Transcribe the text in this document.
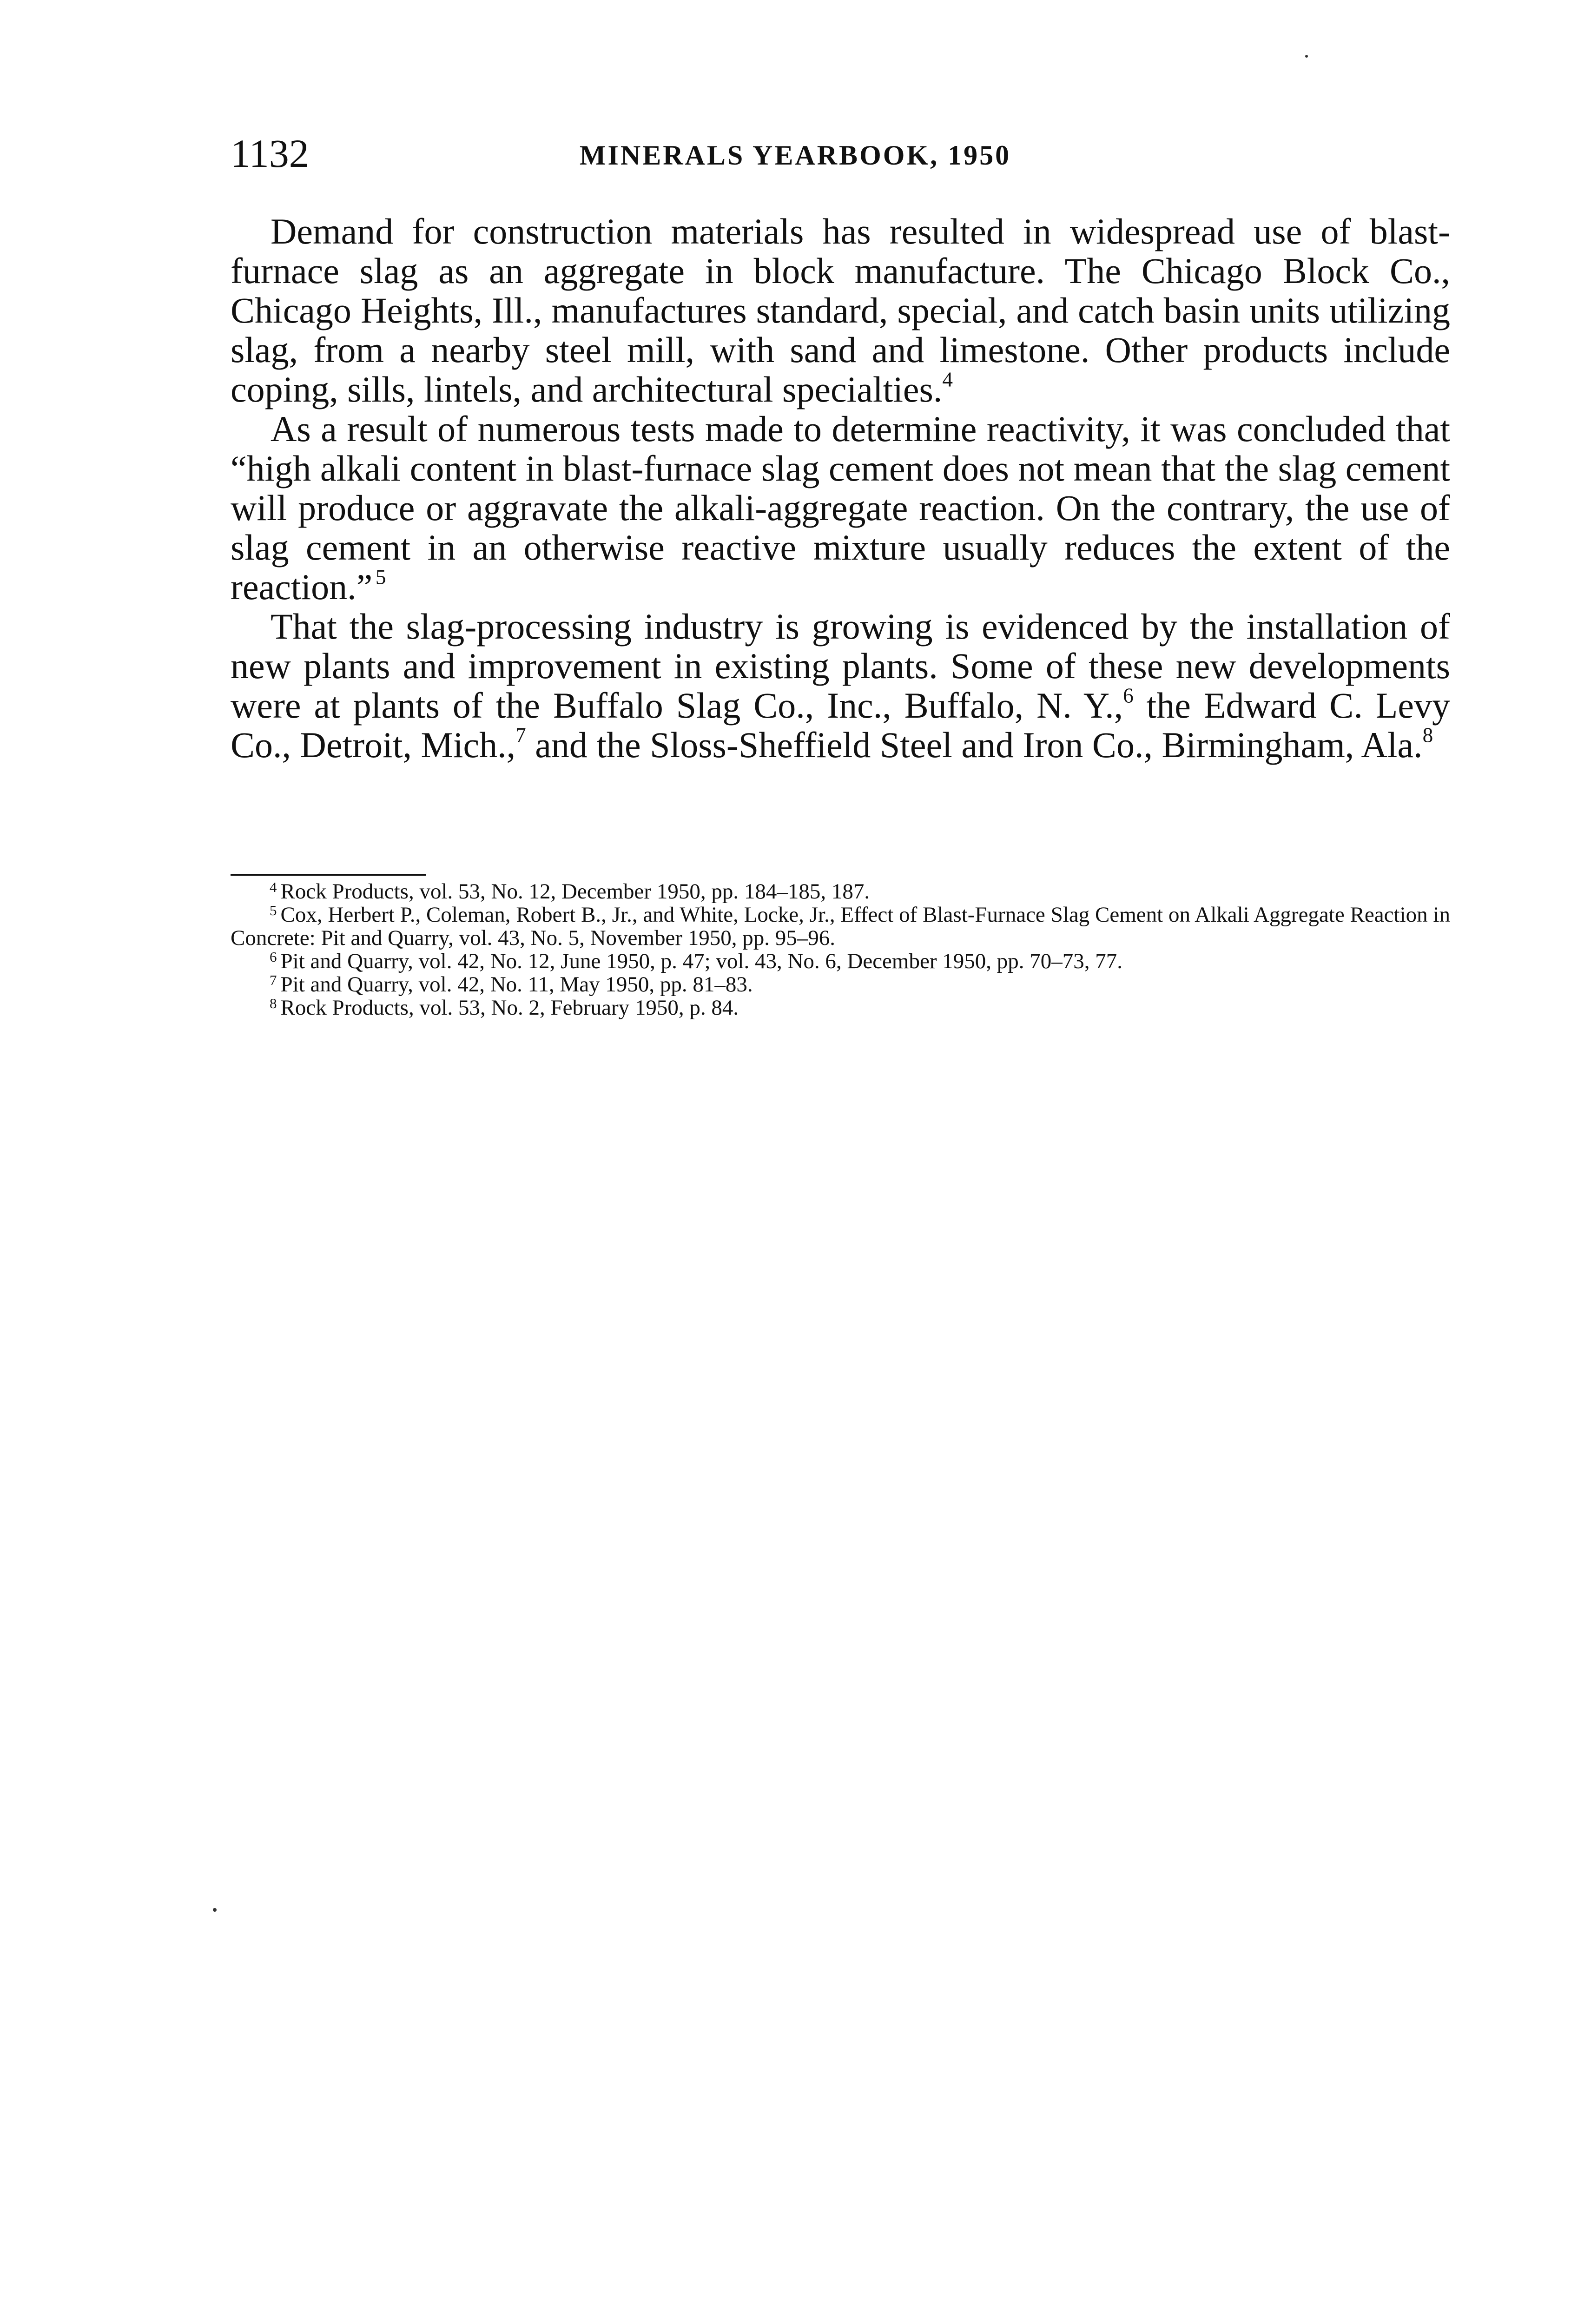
1132	MINERALS YEARBOOK, 1950

Demand for construction materials has resulted in widespread use of blast-furnace slag as an aggregate in block manufacture. The Chicago Block Co., Chicago Heights, Ill., manufactures standard, special, and catch basin units utilizing slag, from a nearby steel mill, with sand and limestone. Other products include coping, sills, lintels, and architectural specialties.$^4$

As a result of numerous tests made to determine reactivity, it was concluded that “high alkali content in blast-furnace slag cement does not mean that the slag cement will produce or aggravate the alkali-aggregate reaction. On the contrary, the use of slag cement in an otherwise reactive mixture usually reduces the extent of the reaction.”  $^5$

That the slag-processing industry is growing is evidenced by the installation of new plants and improvement in existing plants. Some of these new developments were at plants of the Buffalo Slag Co., Inc., Buffalo, N. Y.,$^6$ the Edward C. Levy Co., Detroit, Mich.,$^7$ and the Sloss-Sheffield Steel and Iron Co., Birmingham, Ala.$^8$

$^4$ Rock Products, vol. 53, No. 12, December 1950, pp. 184–185, 187.

$^5$ Cox, Herbert P., Coleman, Robert B., Jr., and White, Locke, Jr., Effect of Blast-Furnace Slag Cement on Alkali Aggregate Reaction in Concrete: Pit and Quarry, vol. 43, No. 5, November 1950, pp. 95–96.

$^6$ Pit and Quarry, vol. 42, No. 12, June 1950, p. 47; vol. 43, No. 6, December 1950, pp. 70–73, 77.

$^7$ Pit and Quarry, vol. 42, No. 11, May 1950, pp. 81–83.

$^8$ Rock Products, vol. 53, No. 2, February 1950, p. 84.
